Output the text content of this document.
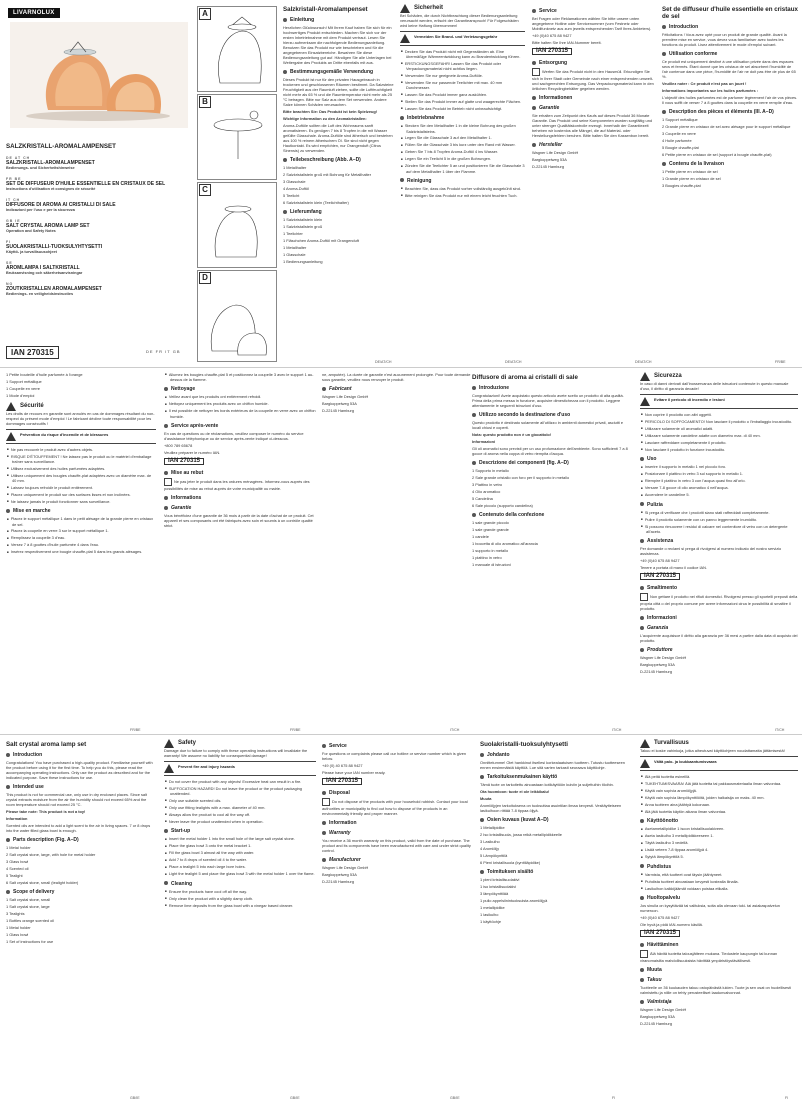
LIVARNOLUX
SALZKRISTALL-AROMALAMPENSET
DE AT CH
SALZKRISTALL-AROMALAMPENSET
Bedienungs- und Sicherheitshinweise
FR BE
SET DE DIFFUSEUR D'HUILE ESSENTIELLE EN CRISTAUX DE SEL
Instructions d'utilisation et consignes de sécurité
IT CH
DIFFUSORE DI AROMA AI CRISTALLI DI SALE
Indicazioni per l'uso e per la sicurezza
GB IE
SALT CRYSTAL AROMA LAMP SET
Operation and Safety Notes
FI
SUOLAKRISTALLI-TUOKSULYHTYSETTI
Käyttö- ja turvallisuusohjeet
SE
AROMLAMPA I SALTKRISTALL
Bruksanvisning och säkerhetsanvisningar
NO
ZOUTKRISTALLEN AROMALAMPENSET
Bedienings- en veiligheidsinstructies
IAN 270315	DE FR IT GB
A
B
C
D
Salzkristall-Aromalampenset
Einleitung
Herzlichen Glückwunsch! Mit Ihrem Kauf haben Sie sich für ein hochwertiges Produkt entschieden. Machen Sie sich vor der ersten Inbetriebnahme mit dem Produkt vertraut. Lesen Sie hierzu aufmerksam die nachfolgende Bedienungsanleitung. Benutzen Sie das Produkt nur wie beschrieben und für die angegebenen Einsatzbereiche. Bewahren Sie diese Bedienungsanleitung gut auf. Händigen Sie alle Unterlagen bei Weitergabe des Produkts an Dritte ebenfalls mit aus.
Bestimmungsgemäße Verwendung
Dieses Produkt ist nur für den privaten Hausgebrauch in trockenen und geschlossenen Räumen bestimmt. Da Salzsteine Feuchtigkeit aus der Raumluft ziehen, sollte die Luftfeuchtigkeit nicht mehr als 65 % und die Raumtemperatur nicht mehr als 25 °C betragen. Bitte nur Salz aus dem Set verwenden. Andere Salze können Schäden verursachen.
Bitte beachten Sie: Das Produkt ist kein Spielzeug!
Wichtige Information zu den Aromakristallen:
Aroma-Duftöle sollten die Luft des Wohnraums sanft aromatisieren. Es genügen 7 bis 8 Tropfen in die mit Wasser gefüllte Glasschale. Aroma-Duftöle sind ätherisch und bestehen aus 100 % reinem ätherischem Öl. Sie sind nicht gegen Hautkontakt. Es wird empfohlen, nur Orangenduft (Citrus Sinensis) zu verwenden.
Teilebeschreibung (Abb. A–D)
1 Metallhalter
2 Salzkristallstein groß mit Bohrung für Metallhalter
3 Glasschale
4 Aroma-Duftöl
5 Teelicht
6 Salzkristallstein klein (Teelichthalter)
Lieferumfang
1 Salzkristallstein klein
1 Salzkristallstein groß
1 Teelichter
1 Fläschchen Aroma-Duftöl mit Orangenduft
1 Metallhalter
1 Glasschale
1 Bedienungsanleitung
DE/AT/CH
Sicherheit
Bei Schäden, die durch Nichtbeachtung dieser Bedienungsanleitung verursacht werden, erlischt der Garantieanspruch! Für Folgeschäden wird keine Haftung übernommen!
Vermeiden Sie Brand- und Verletzungsgefahr
■ Decken Sie das Produkt nicht mit Gegenständen ab. Eine übermäßige Wärmeentwicklung kann zu Brandentwicklung führen.
■ ERSTICKUNGSGEFAHR! Lassen Sie das Produkt oder Verpackungsmaterial nicht achtlos liegen.
■ Verwenden Sie nur geeignete Aroma-Duftöle.
■ Verwenden Sie nur passende Teelichter mit max. 40 mm Durchmesser.
■ Lassen Sie das Produkt immer ganz auskühlen.
■ Stellen Sie das Produkt immer auf glatte und waagerechte Flächen.
■ Lassen Sie das Produkt im Betrieb nicht unbeaufsichtigt.
Inbetriebnahme
■ Stecken Sie den Metallhalter 1 in die kleine Bohrung des großen Salzkristallsteins.
■ Legen Sie die Glasschale 3 auf den Metallhalter 1.
■ Füllen Sie die Glasschale 3 bis kurz unter den Rand mit Wasser.
■ Geben Sie 7 bis 8 Tropfen Aroma-Duftöl 4 ins Wasser.
■ Legen Sie ein Teelicht 5 in die großen Bohrungen.
■ Zünden Sie die Teelichter 5 an und positionieren Sie die Glasschale 3 auf dem Metallhalter 1 über der Flamme.
Reinigung
■ Beachten Sie, dass das Produkt vorher vollständig ausgekühlt sind.
■ Bitte reinigen Sie das Produkt nur mit einem leicht feuchten Tuch.
DE/AT/CH
Service
Bei Fragen oder Reklamationen wählen Sie bitte unsere unten angegebene Hotline oder Servicenummer (vom Festnetz oder Mobilfunknetz aus zum jeweils entsprechenden Tarif Ihres Anbieters).
+49 (0)40 675 88 9427
Bitte halten Sie Ihre IAN-Nummer bereit.
IAN 270315
Entsorgung
Werfen Sie das Produkt nicht in den Hausmüll. Erkundigen Sie sich in Ihrer Stadt oder Gemeinde nach einer entsprechenden umwelt- und sachgerechten Entsorgung. Das Verpackungsmaterial kann in den örtlichen Recyclingbehälter gegeben werden.
Informationen
Garantie
Sie erhalten zum Zeitpunkt des Kaufs auf dieses Produkt 36 Monate Garantie. Das Produkt und seine Komponenten wurden sorgfältig und unter strenger Qualitätskontrolle erzeugt. Innerhalb der Garantiezeit beheben wir kostenlos alle Mängel, die auf Material- oder Herstellungsfehlern beruhen. Bitte halten Sie den Kassenbon bereit.
Hersteller
Wagner Life Design GmbH
Bargkoppelweg 53A
D-22145 Hamburg
DE/AT/CH
Set de diffuseur d'huile essentielle en cristaux de sel
Introduction
Félicitations ! Vous avez opté pour un produit de grande qualité. Avant la première mise en service, vous devez vous familiariser avec toutes les fonctions du produit. Lisez attentivement le mode d'emploi suivant.
Utilisation conforme
Ce produit est uniquement destiné à une utilisation privée dans des espaces secs et fermés. Étant donné que les cristaux de sel absorbent l'humidité de l'air contenue dans une pièce, l'humidité de l'air ne doit pas être de plus de 65 %.
Veuillez noter : Ce produit n'est pas un jouet !
Informations importantes sur les huiles parfumées :
L'objectif des huiles parfumées est de parfumer légèrement l'air de vos pièces. Il vous suffit de verser 7 à 8 gouttes dans la coupelle en verre remplie d'eau.
Description des pièces et éléments (Ill. A–D)
1 Support métallique
2 Grande pierre en cristaux de sel avec alésage pour le support métallique
3 Coupelle en verre
4 Huile parfumée
5 Bougie chauffe-plat
6 Petite pierre en cristaux de sel (support à bougie chauffe-plat)
Contenu de la livraison
1 Petite pierre en cristaux de sel
1 Grande pierre en cristaux de sel
3 Bougies chauffe-plat
FR/BE
1 Petite bouteille d'huile parfumée à l'orange
1 Support métallique
1 Coupelle en verre
1 Mode d'emploi
Sécurité
Les droits de recours en garantie sont annulés en cas de dommages résultant du non-respect du présent mode d'emploi ! Le fabricant décline toute responsabilité pour les dommages consécutifs !
Prévention du risque d'incendie et de blessures
■ Ne pas recouvrir le produit avec d'autres objets.
■ RISQUE D'ÉTOUFFEMENT ! Ne laissez pas le produit ou le matériel d'emballage traîner sans surveillance.
■ Utilisez exclusivement des huiles parfumées adaptées.
■ Utilisez uniquement des bougies chauffe-plat adaptées avec un diamètre max. de 40 mm.
■ Laissez toujours refroidir le produit entièrement.
■ Placez uniquement le produit sur des surfaces lisses et non inclinées.
■ Ne laissez jamais le produit fonctionner sans surveillance.
Mise en marche
■ Placez le support métallique 1 dans le petit alésage de la grande pierre en cristaux de sel.
■ Placez la coupelle en verre 3 sur le support métallique 1.
■ Remplissez la coupelle 3 d'eau.
■ Versez 7 à 8 gouttes d'huile parfumée 4 dans l'eau.
■ Insérez respectivement une bougie chauffe-plat 5 dans les grands alésages.
FR/BE
■ Allumez les bougies chauffe-plat 5 et positionnez la coupelle 3 avec le support 1 au-dessus de la flamme.
Nettoyage
■ Veillez avant que les produits ont entièrement refroidi.
■ Nettoyez uniquement les produits avec un chiffon humide.
■ Il est possible de nettoyer les bords extérieurs de la coupelle en verre avec un chiffon humide.
Service après-vente
En cas de questions ou de réclamations, veuillez composer le numéro du service d'assistance téléphonique ou de service après-vente indiqué ci-dessous.
+800 789 65678
Veuillez préparer le numéro IAN.
IAN 270315
Mise au rebut
Ne pas jeter le produit dans les ordures ménagères. Informez-vous auprès des possibilités de mise au rebut auprès de votre municipalité ou mairie.
Informations
Garantie
Vous bénéficiez d'une garantie de 36 mois à partir de la date d'achat de ce produit. Cet appareil et ses composants ont été fabriqués avec soin et soumis à un contrôle qualité strict.
FR/BE
ne, amputée). La durée de garantie n'est aucunement prolongée. Pour toute demande sous garantie, veuillez nous renvoyer le produit.
Fabricant
Wagner Life Design GmbH
Bargkoppelweg 53A
D-22145 Hamburg
Diffusore di aroma ai cristalli di sale
Introduzione
Congratulazioni! Avete acquistato questo articolo avete scelto un prodotto di alta qualità. Prima della prima messa in funzione, acquisire dimestichezza con il prodotto. Leggere attentamente le seguenti istruzioni d'uso.
Utilizzo secondo la destinazione d'uso
Questo prodotto è destinato solamente all'utilizzo in ambienti domestici privati, asciutti e locali chiusi e coperti.
Nota: questo prodotto non è un giocattolo!
Informazioni
Gli oli aromatici sono previsti per un uso profumazione dell'ambiente. Sono sufficienti 7 a 8 gocce di aroma nella coppa di vetro riempita d'acqua.
Descrizione dei componenti (fig. A–D)
1 Supporto in metallo
2 Sale grande cristallo con foro per il supporto in metallo
3 Piattino in vetro
4 Olio aromatico
5 Candelina
6 Sale piccolo (supporto candelina)
Contenuto della confezione
1 sale grande piccolo
1 sale grande grande
1 candele
1 boccetta di olio aromatico all'arancia
1 supporto in metallo
1 piattino in vetro
1 manuale di istruzioni
IT/CH	IT/CH
Sicurezza
In caso di danni derivati dall'inosservanza delle istruzioni contenute in questo manuale d'uso, il diritto di garanzia decade!
Evitare il pericolo di incendio e lesioni
■ Non coprire il prodotto con altri oggetti.
■ PERICOLO DI SOFFOCAMENTO! Non lasciare il prodotto o l'imballaggio incustodito.
■ Utilizzare solamente oli aromatici adatti.
■ Utilizzare solamente candeline adatte con diametro max. di 40 mm.
■ Lasciare raffreddare completamente il prodotto.
■ Non lasciare il prodotto in funzione incustodito.
Uso
■ Inserire il supporto in metallo 1 nel piccolo foro.
■ Posizionare il piattino in vetro 3 sul supporto in metallo 1.
■ Riempire il piattino in vetro 3 con l'acqua quasi fino all'orlo.
■ Versare 7-8 gocce di olio aromatico 4 nell'acqua.
■ Accendere le candeline 5.
Pulizia
■ Si prega di verificare che i prodotti siano stati raffreddati completamente.
■ Pulire il prodotto solamente con un panno leggermente inumidito.
■ Si possono rimuovere i residui di calcare nel contenitore di vetro con un detergente all'aceto.
Assistenza
Per domande o reclami si prega di rivolgersi al numero indicato del nostro servizio assistenza.
+49 (0)40 675 88 9427
Tenere a portata di mano il codice IAN.
IAN 270315
Smaltimento
Non gettare il prodotto nei rifiuti domestici. Rivolgersi presso gli sportelli preposti della propria città o del proprio comune per avere informazioni circa le possibilità di smaltire il prodotto.
Informazioni
Garanzia
L'acquirente acquisisce il diritto alla garanzia per 36 mesi a partire dalla data di acquisto del prodotto.
Produttore
Wagner Life Design GmbH
Bargkoppelweg 53A
D-22145 Hamburg
IT/CH
Salt crystal aroma lamp set
Introduction
Congratulations! You have purchased a high-quality product. Familiarise yourself with the product before using it for the first time. To help you do this, please read the accompanying operating instructions. Only use the product as described and for the indicated purpose. Save these instructions for use.
Intended use
This product is not for commercial use, only use in dry enclosed places. Since salt crystal extracts moisture from the air the humidity should not exceed 65% and the room temperature should not exceed 25 °C.
Please take note: This product is not a toy!
Information
Scented oils are intended to add a light scent to the air in living spaces. 7 or 8 drops into the water filled glass bowl is enough.
Parts description (Fig. A–D)
1 Metal holder
2 Salt crystal stone, large, with hole for metal holder
3 Glass bowl
4 Scented oil
5 Tealight
6 Salt crystal stone, small (tealight holder)
Scope of delivery
1 Salt crystal stone, small
1 Salt crystal stone, large
3 Tealights
1 Bottles orange scented oil
1 Metal holder
1 Glass bowl
1 Set of instructions for use
GB/IE
Safety
Damage due to failure to comply with these operating instructions will invalidate the warranty! We assume no liability for consequential damage!
Prevent fire and injury hazards
■ Do not cover the product with any objects! Excessive heat can result in a fire.
■ SUFFOCATION HAZARD! Do not leave the product or the product packaging unattended.
■ Only use suitable scented oils.
■ Only use fitting tealights with a max. diameter of 40 mm.
■ Always allow the product to cool all the way off.
■ Never leave the product unattended when in operation.
Start-up
■ Insert the metal holder 1 into the small hole of the large salt crystal stone.
■ Place the glass bowl 3 onto the metal bracket 1.
■ Fill the glass bowl 3 almost all the way with water.
■ Add 7 to 8 drops of scented oil 4 to the water.
■ Place a tealight 5 into each large bore holes.
■ Light the tealight 5 and place the glass bowl 3 with the metal holder 1 over the flame.
Cleaning
■ Ensure the products have cool off all the way.
■ Only clean the product with a slightly damp cloth.
■ Remove lime deposits from the glass bowl with a vinegar based cleaner.
GB/IE
Service
For questions or complaints please call our hotline or service number which is given below.
+49 (0) 40 675 88 9427
Please have your IAN number ready.
IAN 270315
Disposal
Do not dispose of the products with your household rubbish. Contact your local authorities or municipality to find out how to dispose of the products in an environmentally friendly and proper manner.
Information
Warranty
You receive a 36 month warranty on this product, valid from the date of purchase. The product and its components have been manufactured with care and under strict quality control.
Manufacturer
Wagner Life Design GmbH
Bargkoppelweg 53A
D-22145 Hamburg
GB/IE
Suolakristalli-tuoksulyhtysetti
Johdanto
Onnittelumme! Olet hankkinut itsellesi korkealaatuisen tuotteen. Tutustu tuotteeseen ennen ensimmäistä käyttöä. Lue sitä varten tarkasti seuraava käyttöohje.
Tarkoituksenmukainen käyttö
Tämä tuote on tarkoitettu ainoastaan kotikäyttöön kuiviin ja suljettuihin tiloihin.
Ota huomioon: tuote ei ole leikkikalu!
Muuta
Aromiöljyjen tarkoituksena on tuoksuttaa asuintilan ilmaa kevyesti. Vesitäytteiseen lasikulhoon riittää 7-8 tippaa öljyä.
Osien kuvaus (kuvat A–D)
1 Metallipidike
2 Iso kristallisuola, jossa reikä metallipidikkeelle
3 Lasikulho
4 Aromiöljy
5 Lämpökynttilä
6 Pieni kristallisuola (kynttiläpidike)
Toimituksen sisältö
1 pieni kristallisuolakivi
1 iso kristallisuolakivi
3 lämpökynttilää
1 pullo appelsiinintuoksuista aromiöljyä
1 metallipidike
1 lasikulho
1 käyttöohje
FI
Turvallisuus
Takuu ei koske vahinkoja, jotka aiheutuvat käyttöohjeen noudattamatta jättämisestä!
Vältä palo- ja loukkaantumisvaara
■ Älä peitä tuotetta esineillä.
■ TUKEHTUMISVAARA! Älä jätä tuotetta tai pakkausmateriaalia ilman valvontaa.
■ Käytä vain sopivia aromiöljyjä.
■ Käytä vain sopivia lämpökynttilöitä, joiden halkaisija on maks. 40 mm.
■ Anna tuotteen aina jäähtyä kokonaan.
■ Älä jätä tuotetta käytön aikana ilman valvontaa.
Käyttöönotto
■ Asetametallipidike 1 isoon kristallisuolakiveen.
■ Aseta lasikulho 3 metallipidikkeeseen 1.
■ Täytä lasikulho 3 vedellä.
■ Lisää veteen 7-8 tippaa aromiöljyä 4.
■ Sytytä lämpökynttilä 5.
Puhdistus
■ Varmista, että tuotteet ovat täysin jäähtyneet.
■ Puhdista tuotteet ainoastaan kevyesti kostealla liinalla.
■ Lasikulhon kalkkijäämät voidaan poistaa etikalla.
Huoltopalvelu
Jos sinulla on kysyttävää tai valituksia, soita alla olevaan tuki- tai asiakaspalvelun numeroon.
+49 (0)40 675 88 9427
Ole hyvä ja pidä IAN-numero käsillä.
IAN 270315
Hävittäminen
Älä hävitä tuotetta talousjätteen mukana. Tiedustele kaupungin tai kunnan viranomaisilta mahdollisuuksista hävittää ympäristöystävällisesti.
Muuta
Takuu
Tuotteelle on 36 kuukauden takuu ostopäivästä lukien. Tuote ja sen osat on huolellisesti valmistettu ja niille on tehty perusteelliset laadunvalvonnat.
Valmistaja
Wagner Life Design GmbH
Bargkoppelweg 53A
D-22145 Hamburg
FI
